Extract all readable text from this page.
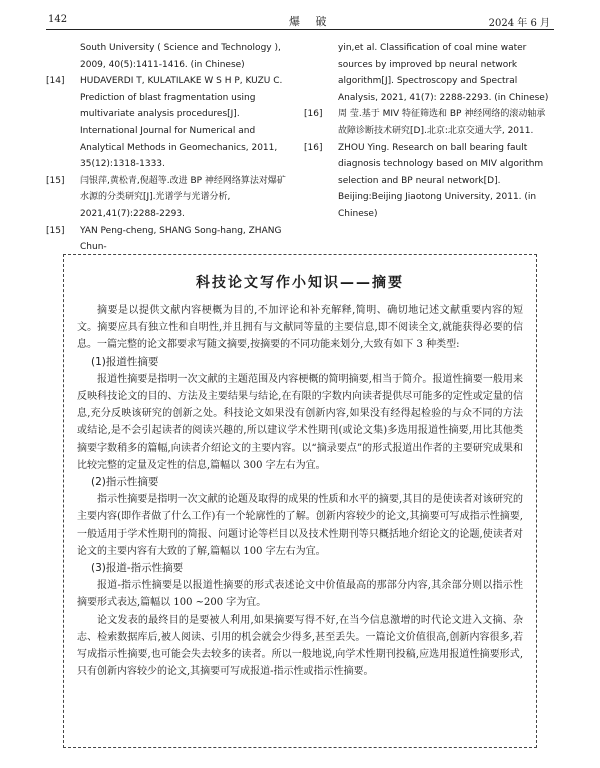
142	爆 破	2024 年 6 月

South University ( Science and Technology ), 2009, 40(5):1411-1416. (in Chinese)

[14] HUDAVERDI T, KULATILAKE W S H P, KUZU C. Prediction of blast fragmentation using multivariate analysis procedures[J]. International Journal for Numerical and Analytical Methods in Geomechanics, 2011, 35(12):1318-1333.

[15] 闫银萍,黄松青,倪超等.改进 BP 神经网络算法对爆矿水源的分类研究[J].光谱学与光谱分析, 2021,41(7):2288-2293.

[15] YAN Peng-cheng, SHANG Song-hang, ZHANG Chun-

yin,et al. Classification of coal mine water sources by improved bp neural network algorithm[J]. Spectroscopy and Spectral Analysis, 2021, 41(7): 2288-2293. (in Chinese)

[16] 周 莹.基于 MIV 特征筛选和 BP 神经网络的滚动轴承故障诊断技术研究[D].北京:北京交通大学, 2011.

[16] ZHOU Ying. Research on ball bearing fault diagnosis technology based on MIV algorithm selection and BP neural network[D]. Beijing:Beijing Jiaotong University, 2011. (in Chinese)

科技论文写作小知识——摘要

摘要是以提供文献内容梗概为目的,不加评论和补充解释,简明、确切地记述文献重要内容的短文。摘要应具有独立性和自明性,并且拥有与文献同等量的主要信息,即不阅读全文,就能获得必要的信息。一篇完整的论文都要求写随文摘要,按摘要的不同功能来划分,大致有如下 3 种类型:

(1)报道性摘要

报道性摘要是指明一次文献的主题范围及内容梗概的简明摘要,相当于简介。报道性摘要一般用来反映科技论文的目的、方法及主要结果与结论,在有限的字数内向读者提供尽可能多的定性或定量的信息,充分反映该研究的创新之处。科技论文如果没有创新内容,如果没有经得起检验的与众不同的方法或结论,是不会引起读者的阅读兴趣的,所以建议学术性期刊(或论文集)多选用报道性摘要,用比其他类摘要字数稍多的篇幅,向读者介绍论文的主要内容。以“摘录要点”的形式报道出作者的主要研究成果和比较完整的定量及定性的信息,篇幅以 300 字左右为宜。

(2)指示性摘要

指示性摘要是指明一次文献的论题及取得的成果的性质和水平的摘要,其目的是使读者对该研究的主要内容(即作者做了什么工作)有一个轮廓性的了解。创新内容较少的论文,其摘要可写成指示性摘要,一般适用于学术性期刊的简报、问题讨论等栏目以及技术性期刊等只概括地介绍论文的论题,使读者对论文的主要内容有大致的了解,篇幅以 100 字左右为宜。

(3)报道-指示性摘要

报道-指示性摘要是以报道性摘要的形式表述论文中价值最高的那部分内容,其余部分则以指示性摘要形式表达,篇幅以 100 ~200 字为宜。

论文发表的最终目的是要被人利用,如果摘要写得不好,在当今信息激增的时代论文进入文摘、杂志、检索数据库后,被人阅读、引用的机会就会少得多,甚至丢失。一篇论文价值很高,创新内容很多,若写成指示性摘要,也可能会失去较多的读者。所以一般地说,向学术性期刊投稿,应选用报道性摘要形式,只有创新内容较少的论文,其摘要可写成报道-指示性或指示性摘要。
